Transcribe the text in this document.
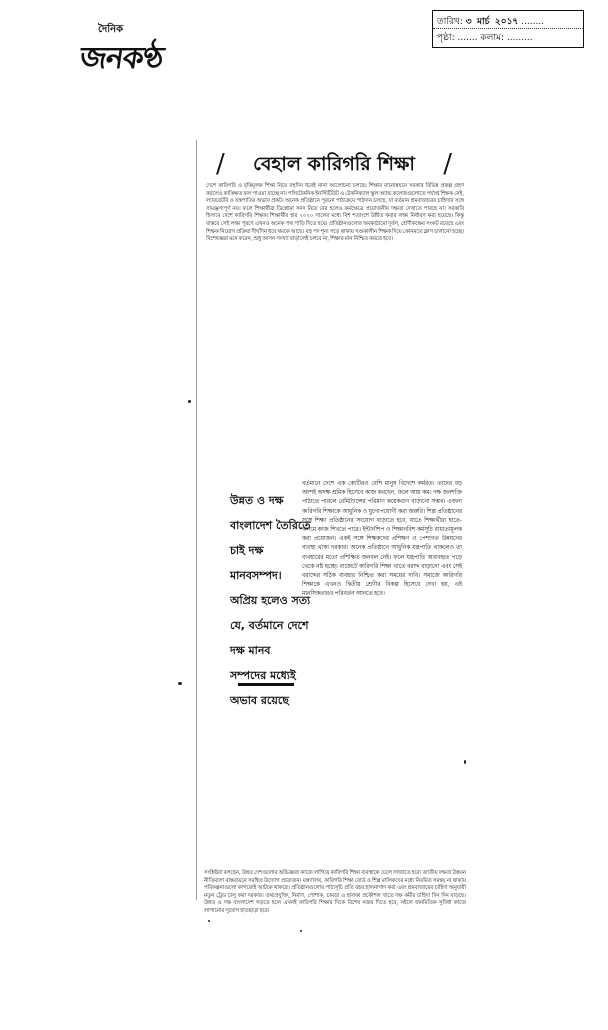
দৈনিক
জনকণ্ঠ
তারিখ: ৩ মার্চ ২০১৭ ........
পৃষ্ঠা: ....... কলাম: .........
/ বেহাল কারিগরি শিক্ষা /
দেশে কারিগরি ও বৃত্তিমূলক শিক্ষা নিয়ে বহুদিন ধরেই নানা আলোচনা চলছে। শিক্ষার মানোন্নয়নে সরকার বিভিন্ন প্রকল্প গ্রহণ করলেও কাঙ্ক্ষিত ফল পাওয়া যাচ্ছে না। পলিটেকনিক ইনস্টিটিউট ও টেকনিক্যাল স্কুল অ্যান্ড কলেজগুলোতে পর্যাপ্ত শিক্ষক নেই, ল্যাবরেটরি ও যন্ত্রপাতির অভাব প্রকট। অনেক প্রতিষ্ঠানে পুরনো পাঠ্যক্রমে পাঠদান চলছে, যা বর্তমান শ্রমবাজারের চাহিদার সঙ্গে সামঞ্জস্যপূর্ণ নয়। ফলে শিক্ষার্থীরা ডিপ্লোমা সনদ নিয়ে বের হলেও কর্মক্ষেত্রে প্রয়োজনীয় দক্ষতা দেখাতে পারছে না। সরকারি হিসাবে দেশে কারিগরি শিক্ষায় শিক্ষার্থীর হার ২০২০ সালের মধ্যে বিশ শতাংশে উন্নীত করার লক্ষ্য নির্ধারণ করা হয়েছে। কিন্তু বাস্তবে সেই লক্ষ্য পূরণে এখনও অনেক পথ পাড়ি দিতে হবে। প্রতিষ্ঠানগুলোর অবকাঠামো দুর্বল, শ্রেণীকক্ষের সংকট রয়েছে এবং শিক্ষক নিয়োগ প্রক্রিয়া দীর্ঘদিন ধরে থমকে আছে। বহু পদ শূন্য পড়ে থাকায় খণ্ডকালীন শিক্ষক দিয়ে কোনমতে ক্লাস চালানো হচ্ছে। বিশেষজ্ঞরা মনে করেন, শুধু আসন সংখ্যা বাড়ালেই চলবে না, শিক্ষার মান নিশ্চিত করতে হবে।
বর্তমানে দেশে এক কোটিরও বেশি মানুষ বিদেশে কর্মরত। তাদের বড় অংশই অদক্ষ শ্রমিক হিসেবে কাজ করছেন, ফলে আয় কম। দক্ষ জনশক্তি পাঠাতে পারলে রেমিট্যান্সের পরিমাণ কয়েকগুণ বাড়ানো সম্ভব। এজন্য কারিগরি শিক্ষাকে আধুনিক ও যুগোপযোগী করা জরুরি। শিল্প প্রতিষ্ঠানের সঙ্গে শিক্ষা প্রতিষ্ঠানের সংযোগ বাড়াতে হবে, যাতে শিক্ষার্থীরা হাতে-কলমে কাজ শিখতে পারে। ইন্টার্নশিপ ও শিক্ষানবিশ কর্মসূচি বাধ্যতামূলক করা প্রয়োজন। একই সঙ্গে শিক্ষকদের প্রশিক্ষণ ও পেশাগত উন্নয়নের ব্যবস্থা থাকা দরকার। অনেক প্রতিষ্ঠানে আধুনিক যন্ত্রপাতি থাকলেও তা ব্যবহারের মতো প্রশিক্ষিত জনবল নেই। ফলে যন্ত্রপাতি অব্যবহৃত পড়ে থেকে নষ্ট হচ্ছে। বাজেটে কারিগরি শিক্ষা খাতে বরাদ্দ বাড়ানো এবং সেই বরাদ্দের সঠিক ব্যবহার নিশ্চিত করা সময়ের দাবি। সমাজে কারিগরি শিক্ষাকে এখনও দ্বিতীয় শ্রেণীর বিকল্প হিসেবে দেখা হয়, এই মানসিকতারও পরিবর্তন আনতে হবে।
সংশ্লিষ্টরা বলছেন, উন্নত দেশগুলোর অভিজ্ঞতা কাজে লাগিয়ে কারিগরি শিক্ষা ব্যবস্থাকে ঢেলে সাজাতে হবে। জাতীয় দক্ষতা উন্নয়ন নীতিমালা বাস্তবায়নে সমন্বিত উদ্যোগ প্রয়োজন। মন্ত্রণালয়, কারিগরি শিক্ষা বোর্ড ও শিল্প মালিকদের মধ্যে নিয়মিত সমন্বয় না থাকায় পরিকল্পনাগুলো কাগজেই আটকে থাকছে। প্রতিষ্ঠানগুলোর পাঠ্যসূচি প্রতি বছর হালনাগাদ করা এবং শ্রমবাজারের চাহিদা অনুযায়ী নতুন ট্রেড চালু করা দরকার। তথ্যপ্রযুক্তি, নির্মাণ, পোশাক, চামড়া ও হালকা প্রকৌশল খাতে দক্ষ কর্মীর চাহিদা দিন দিন বাড়ছে। উন্নত ও দক্ষ বাংলাদেশ গড়তে হলে এখনই কারিগরি শিক্ষার দিকে বিশেষ নজর দিতে হবে, নইলে জনমিতিক সুবিধা কাজে লাগানোর সুযোগ হাতছাড়া হবে।
উন্নত ও দক্ষ
বাংলাদেশ তৈরিতে
চাই দক্ষ
মানবসম্পদ।
অপ্রিয় হলেও সত্য
যে, বর্তমানে দেশে
দক্ষ মানব
সম্পদের মধ্যেই
অভাব রয়েছে
